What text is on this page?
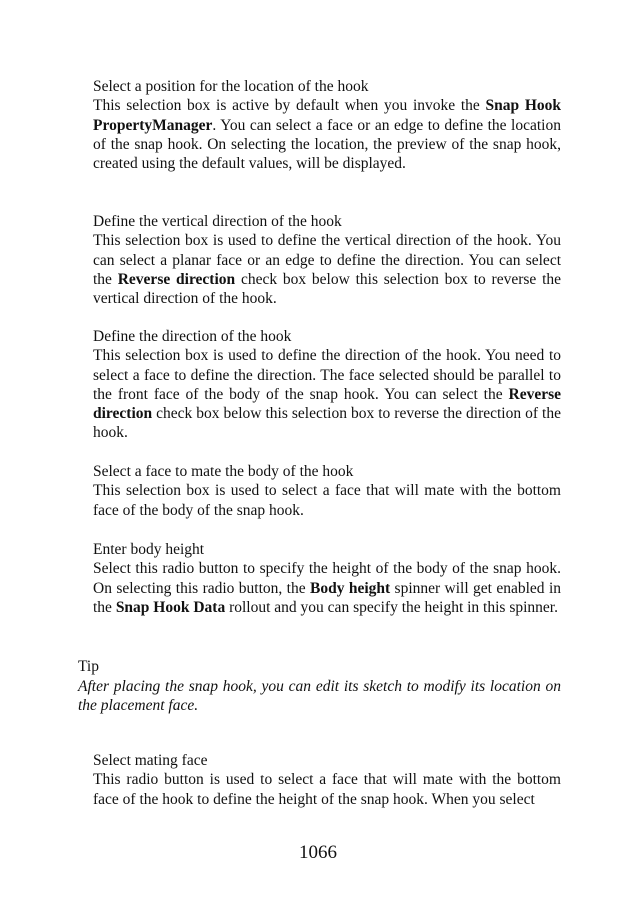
Select a position for the location of the hook

This selection box is active by default when you invoke the Snap Hook PropertyManager. You can select a face or an edge to define the location of the snap hook. On selecting the location, the preview of the snap hook, created using the default values, will be displayed.

Define the vertical direction of the hook

This selection box is used to define the vertical direction of the hook. You can select a planar face or an edge to define the direction. You can select the Reverse direction check box below this selection box to reverse the vertical direction of the hook.

Define the direction of the hook

This selection box is used to define the direction of the hook. You need to select a face to define the direction. The face selected should be parallel to the front face of the body of the snap hook. You can select the Reverse direction check box below this selection box to reverse the direction of the hook.

Select a face to mate the body of the hook

This selection box is used to select a face that will mate with the bottom face of the body of the snap hook.

Enter body height

Select this radio button to specify the height of the body of the snap hook. On selecting this radio button, the Body height spinner will get enabled in the Snap Hook Data rollout and you can specify the height in this spinner.

Tip

After placing the snap hook, you can edit its sketch to modify its location on the placement face.

Select mating face

This radio button is used to select a face that will mate with the bottom face of the hook to define the height of the snap hook. When you select

1066
